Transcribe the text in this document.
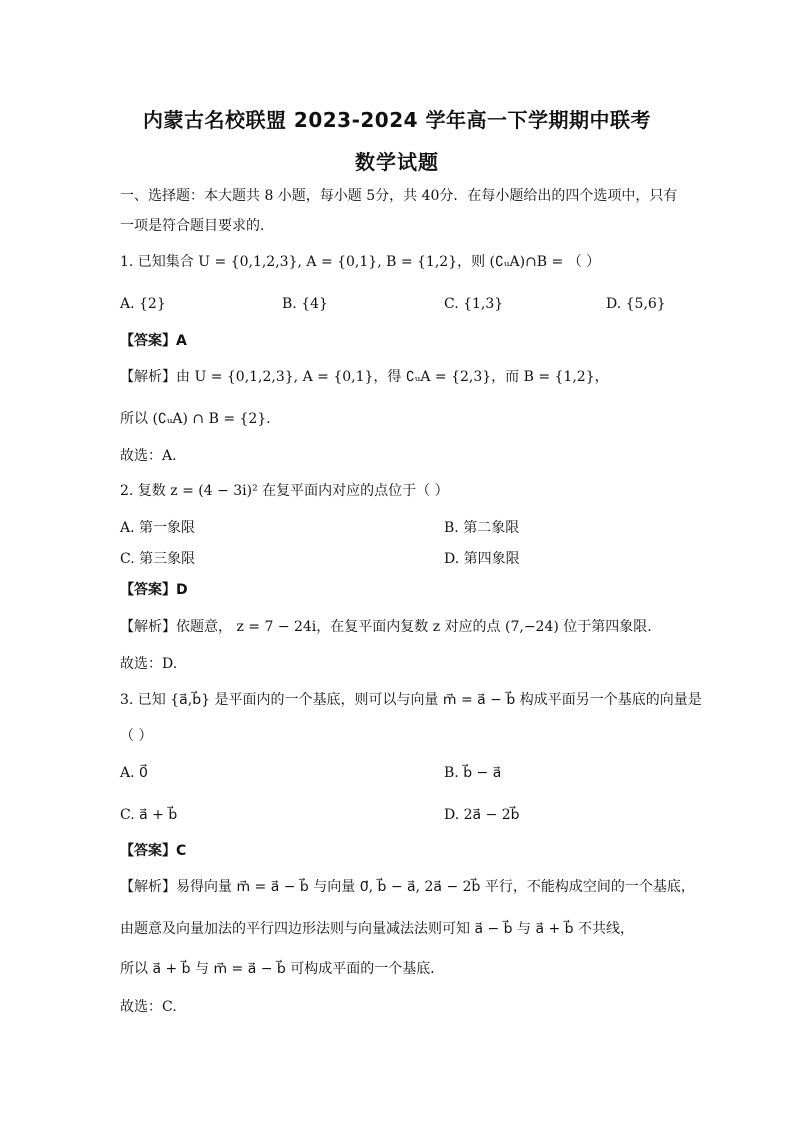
内蒙古名校联盟 2023-2024 学年高一下学期期中联考
数学试题
一、选择题：本大题共 8 小题，每小题 5分，共 40分．在每小题给出的四个选项中，只有
一项是符合题目要求的．
1. 已知集合 U = {0,1,2,3}, A = {0,1}, B = {1,2}，则 (∁ᵤA)∩B = （ ）
A. {2}	B. {4}	C. {1,3}	D. {5,6}
【答案】A
【解析】由 U = {0,1,2,3}, A = {0,1}，得 ∁ᵤA = {2,3}，而 B = {1,2}，
所以 (∁ᵤA) ∩ B = {2}．
故选：A.
2. 复数 z = (4 − 3i)² 在复平面内对应的点位于（ ）
A. 第一象限	B. 第二象限
C. 第三象限	D. 第四象限
【答案】D
【解析】依题意， z = 7 − 24i，在复平面内复数 z 对应的点 (7,−24) 位于第四象限.
故选：D.
3. 已知 {a⃗,b⃗} 是平面内的一个基底，则可以与向量 m⃗ = a⃗ − b⃗ 构成平面另一个基底的向量是
（ ）
A. 0⃗	B. b⃗ − a⃗
C. a⃗ + b⃗	D. 2a⃗ − 2b⃗
【答案】C
【解析】易得向量 m⃗ = a⃗ − b⃗ 与向量 0⃗, b⃗ − a⃗, 2a⃗ − 2b⃗ 平行，不能构成空间的一个基底，
由题意及向量加法的平行四边形法则与向量减法法则可知 a⃗ − b⃗ 与 a⃗ + b⃗ 不共线，
所以 a⃗ + b⃗ 与 m⃗ = a⃗ − b⃗ 可构成平面的一个基底．
故选：C.
